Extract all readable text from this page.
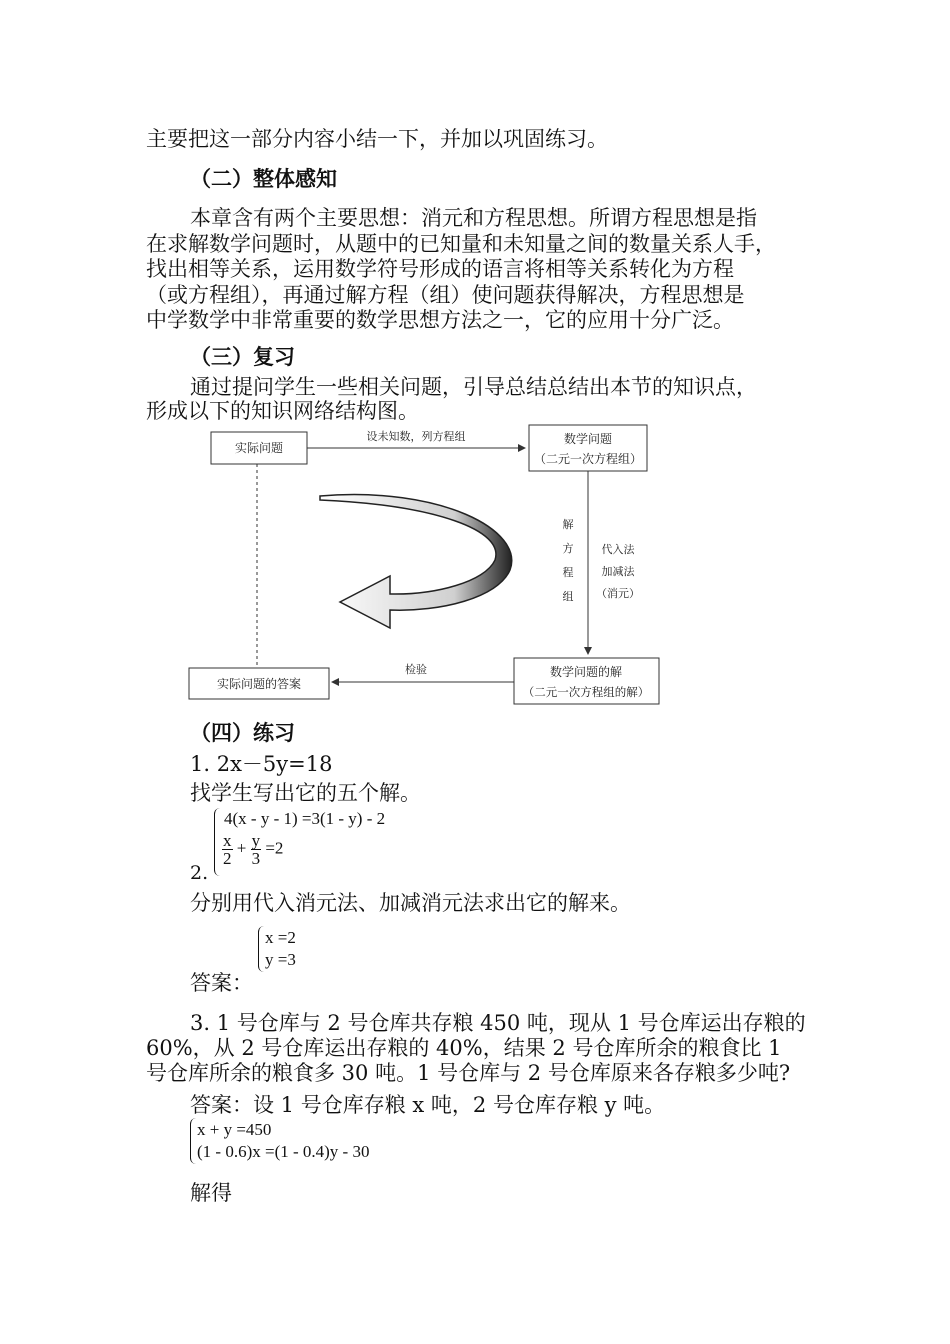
主要把这一部分内容小结一下，并加以巩固练习。
（二）整体感知
本章含有两个主要思想：消元和方程思想。所谓方程思想是指
在求解数学问题时，从题中的已知量和未知量之间的数量关系人手，
找出相等关系，运用数学符号形成的语言将相等关系转化为方程
（或方程组），再通过解方程（组）使问题获得解决，方程思想是
中学数学中非常重要的数学思想方法之一，它的应用十分广泛。
（三）复习
通过提问学生一些相关问题，引导总结总结出本节的知识点，
形成以下的知识网络结构图。
实际问题
设未知数，列方程组	数学问题
（二元一次方程组）
解
方
程
组
代入法
加减法
（消元）
数学问题的解
（二元一次方程组的解）
检验
实际问题的答案
（四）练习
1. 2x－5y=18
找学生写出它的五个解。
4(x - y - 1) =3(1 - y) - 2
$\frac{x}{2} + \frac{y}{3} =2$
2.
分别用代入消元法、加减消元法求出它的解来。
x =2
y =3
答案：
3. 1 号仓库与 2 号仓库共存粮 450 吨，现从 1 号仓库运出存粮的
60%，从 2 号仓库运出存粮的 40%，结果 2 号仓库所余的粮食比 1
号仓库所余的粮食多 30 吨。1 号仓库与 2 号仓库原来各存粮多少吨?
答案：设 1 号仓库存粮 x 吨，2 号仓库存粮 y 吨。
x + y =450
(1 - 0.6)x =(1 - 0.4)y - 30
解得
